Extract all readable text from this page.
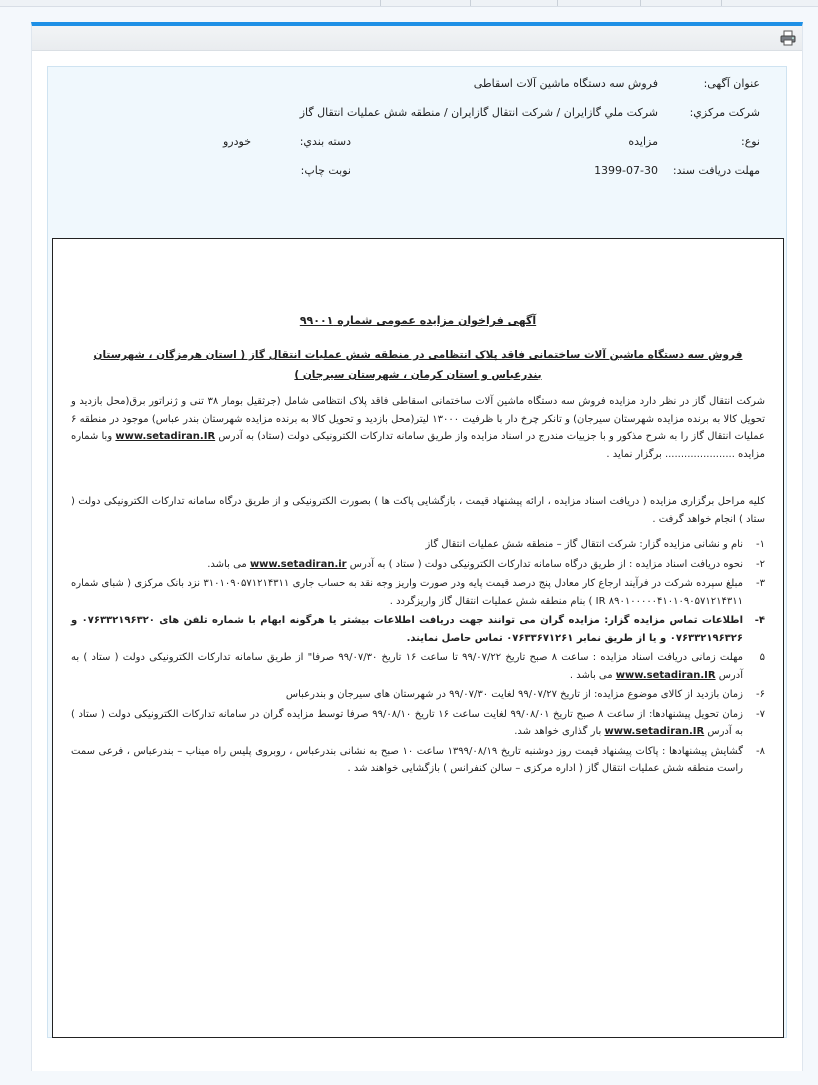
عنوان آگهی:
فروش سه دستگاه ماشین آلات اسقاطی
شرکت مرکزي:
شرکت ملي گازايران / شرکت انتقال گازايران / منطقه شش عمليات انتقال گاز
نوع:
مزايده
دسته بندي:
خودرو
مهلت دريافت سند:
1399-07-30
نوبت چاپ:
آگهی فراخوان مزایده عمومی شماره ۹۹۰۰۱
فروش سه دستگاه ماشین آلات ساختمانی فاقد پلاک انتظامی در منطقه شش عملیات انتقال گاز ( استان هرمزگان ، شهرستان بندرعباس و استان کرمان ، شهرستان سیرجان )
شرکت انتقال گاز در نظر دارد مزایده فروش سه دستگاه ماشین آلات ساختمانی اسقاطی فاقد پلاک انتظامی شامل (جرثقیل بومار ۳۸ تنی و ژنراتور برق(محل بازدید و تحویل کالا به برنده مزایده شهرستان سیرجان) و تانکر چرخ دار با ظرفیت ۱۳۰۰۰ لیتر(محل بازدید و تحویل کالا به برنده مزایده شهرستان بندر عباس) موجود در منطقه ۶ عملیات انتقال گاز را به شرح مذکور و با جزییات مندرج در اسناد مزایده واز طریق سامانه تدارکات الکترونیکی دولت (ستاد) به آدرس www.setadiran.IR وبا شماره مزایده ...................... برگزار نماید .
کلیه مراحل برگزاری مزایده ( دریافت اسناد مزایده ، ارائه پیشنهاد قیمت ، بازگشایی پاکت ها ) بصورت الکترونیکی و از طریق درگاه سامانه تدارکات الکترونیکی دولت ( ستاد ) انجام خواهد گرفت .
۱-
نام و نشانی مزایده گزار: شرکت انتقال گاز – منطقه شش عملیات انتقال گاز
۲-
نحوه دریافت اسناد مزایده : از طریق درگاه سامانه تدارکات الکترونیکی دولت ( ستاد ) به آدرس www.setadiran.ir می باشد.
۳-
مبلغ سپرده شرکت در فرآیند ارجاع کار معادل پنج درصد قیمت پایه ودر صورت واریز وجه نقد به حساب جاری ۳۱۰۱۰۹۰۵۷۱۲۱۴۳۱۱ نزد بانک مرکزی ( شبای شماره IR ۸۹۰۱۰۰۰۰۰۴۱۰۱۰۹۰۵۷۱۲۱۴۳۱۱ ) بنام منطقه شش عملیات انتقال گاز واریزگردد .
۴-
اطلاعات تماس مزایده گزار: مزایده گران می توانند جهت دریافت اطلاعات بیشتر یا هرگونه ابهام با شماره تلفن های ۰۷۶۳۳۲۱۹۶۳۲۰ و ۰۷۶۳۳۲۱۹۶۳۲۶ و یا از طریق نمابر ۰۷۶۳۳۶۷۱۲۶۱ تماس حاصل نمایند.
۵
مهلت زمانی دریافت اسناد مزایده : ساعت ۸ صبح تاریخ ۹۹/۰۷/۲۲ تا ساعت ۱۶ تاریخ ۹۹/۰۷/۳۰ صرفا" از طریق سامانه تدارکات الکترونیکی دولت ( ستاد ) به آدرس www.setadiran.IR می باشد .
۶-
زمان بازدید از کالای موضوع مزایده: از تاریخ ۹۹/۰۷/۲۷ لغایت ۹۹/۰۷/۳۰ در شهرستان های سیرجان و بندرعباس
۷-
زمان تحویل پیشنهادها: از ساعت ۸ صبح تاریخ ۹۹/۰۸/۰۱ لغایت ساعت ۱۶ تاریخ ۹۹/۰۸/۱۰ صرفا توسط مزایده گران در سامانه تدارکات الکترونیکی دولت ( ستاد ) به آدرس www.setadiran.IR بار گذاری خواهد شد.
۸-
گشایش پیشنهادها : پاکات پیشنهاد قیمت روز دوشنبه تاریخ ۱۳۹۹/۰۸/۱۹ ساعت ۱۰ صبح به نشانی بندرعباس ، روبروی پلیس راه میناب – بندرعباس ، فرعی سمت راست منطقه شش عملیات انتقال گاز ( اداره مرکزی – سالن کنفرانس ) بازگشایی خواهند شد .
